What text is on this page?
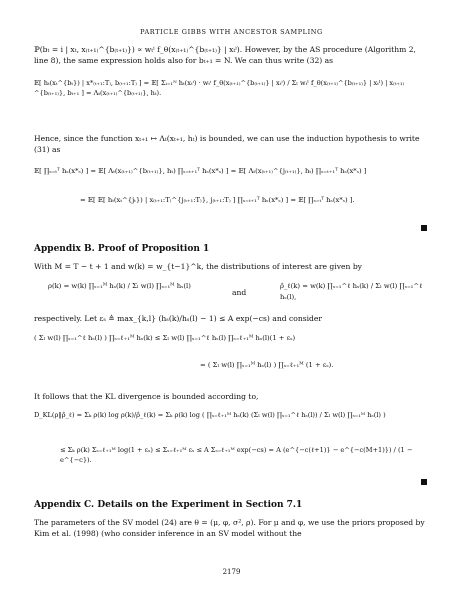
PARTICLE GIBBS WITH ANCESTOR SAMPLING
ℙ(bₜ = i | xₜ, x₍ₜ₊₁₎^{b₍ₜ₊₁₎}) ∝ wₜⁱ f_θ(x₍ₜ₊₁₎^{b₍ₜ₊₁₎} | xₜⁱ). However, by the AS procedure (Algorithm 2, line 8), the same expression holds also for bₜ₊₁ = N. We can thus write (32) as
𝔼[ hₜ(xₜ^{bₜ}) | x*₍ₜ₊₁:T₎, b₍ₜ₊₁:T₎ ] = 𝔼[ Σᵢ₌₁ᴺ hₜ(xₜⁱ) · wₜⁱ f_θ(x₍ₜ₊₁₎^{b₍ₜ₊₁₎} | xₜⁱ) / Σₗ wₜˡ f_θ(x₍ₜ₊₁₎^{b₍ₜ₊₁₎} | xₜˡ) | x₍ₜ₊₁₎^{b₍ₜ₊₁₎}, bₜ₊₁ ] = Λₜ(x₍ₜ₊₁₎^{b₍ₜ₊₁₎}, hₜ).
Hence, since the function xₜ₊₁ ↦ Λₜ(xₜ₊₁, hₜ) is bounded, we can use the induction hypothesis to write (31) as
𝔼[ ∏ₛ₌ₜᵀ hₛ(x*ₛ) ] = 𝔼[ Λₜ(x₍ₜ₊₁₎^{b₍ₜ₊₁₎}, hₜ) ∏ₛ₌ₜ₊₁ᵀ hₛ(x*ₛ) ] = 𝔼[ Λₜ(x₍ₜ₊₁₎^{j₍ₜ₊₁₎}, hₜ) ∏ₛ₌ₜ₊₁ᵀ hₛ(x*ₛ) ]
= 𝔼[ 𝔼[ hₜ(xₜ^{jₜ}) | x₍ₜ₊₁:T₎^{j₍ₜ₊₁:T₎}, j₍ₜ₊₁:T₎ ] ∏ₛ₌ₜ₊₁ᵀ hₛ(x*ₛ) ] = 𝔼[ ∏ₛ₌ₜᵀ hₛ(x*ₛ) ].
Appendix B. Proof of Proposition 1
With M = T − t + 1 and w(k) = w_{t−1}^k, the distributions of interest are given by
ρ(k) = w(k) ∏ₛ₌₁ᴹ hₛ(k) / Σₗ w(l) ∏ₛ₌₁ᴹ hₛ(l)
and
ρ̂_ℓ(k) = w(k) ∏ₛ₌₁^ℓ hₛ(k) / Σₗ w(l) ∏ₛ₌₁^ℓ hₛ(l),
respectively. Let εₛ ≜ max_{k,l} (hₛ(k)/hₛ(l) − 1) ≤ A exp(−cs) and consider
( Σₗ w(l) ∏ₛ₌₁^ℓ hₛ(l) ) ∏ₛ₌ℓ₊₁ᴹ hₛ(k) ≤ Σₗ w(l) ∏ₛ₌₁^ℓ hₛ(l) ∏ₛ₌ℓ₊₁ᴹ hₛ(l)(1 + εₛ)
= ( Σₗ w(l) ∏ₛ₌₁ᴹ hₛ(l) ) ∏ₛ₌ℓ₊₁ᴹ (1 + εₛ).
It follows that the KL divergence is bounded according to,
D_KL(ρ‖ρ̂_ℓ) = Σₖ ρ(k) log ρ(k)/ρ̂_ℓ(k) = Σₖ ρ(k) log ( ∏ₛ₌ℓ₊₁ᴹ hₛ(k) (Σₗ w(l) ∏ₛ₌₁^ℓ hₛ(l)) / Σₗ w(l) ∏ₛ₌₁ᴹ hₛ(l) )
≤ Σₖ ρ(k) Σₛ₌ℓ₊₁ᴹ log(1 + εₛ) ≤ Σₛ₌ℓ₊₁ᴹ εₛ ≤ A Σₛ₌ℓ₊₁ᴹ exp(−cs) = A (e^{−c(ℓ+1)} − e^{−c(M+1)}) / (1 − e^{−c}).
Appendix C. Details on the Experiment in Section 7.1
The parameters of the SV model (24) are θ = (μ, φ, σ², ρ). For μ and φ, we use the priors proposed by Kim et al. (1998) (who consider inference in an SV model without the
2179
